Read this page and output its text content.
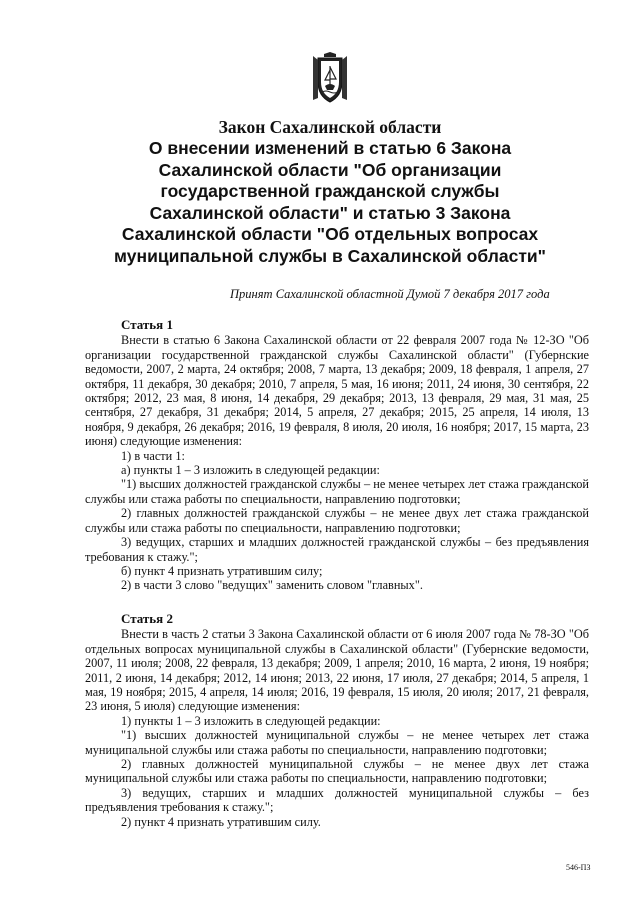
Закон Сахалинской области
О внесении изменений в статью 6 Закона
Сахалинской области "Об организации
государственной гражданской службы
Сахалинской области" и статью 3 Закона
Сахалинской области "Об отдельных вопросах
муниципальной службы в Сахалинской области"
Принят Сахалинской областной Думой 7 декабря 2017 года
Статья 1

Внести в статью 6 Закона Сахалинской области от 22 февраля 2007 года № 12-ЗО "Об организации государственной гражданской службы Сахалинской области" (Губернские ведомости, 2007, 2 марта, 24 октября; 2008, 7 марта, 13 декабря; 2009, 18 февраля, 1 апреля, 27 октября, 11 декабря, 30 декабря; 2010, 7 апреля, 5 мая, 16 июня; 2011, 24 июня, 30 сентября, 22 октября; 2012, 23 мая, 8 июня, 14 декабря, 29 декабря; 2013, 13 февраля, 29 мая, 31 мая, 25 сентября, 27 декабря, 31 декабря; 2014, 5 апреля, 27 декабря; 2015, 25 апреля, 14 июля, 13 ноября, 9 декабря, 26 декабря; 2016, 19 февраля, 8 июля, 20 июля, 16 ноября; 2017, 15 марта, 23 июня) следующие изменения:

1) в части 1:

а) пункты 1 – 3 изложить в следующей редакции:

"1) высших должностей гражданской службы – не менее четырех лет стажа гражданской службы или стажа работы по специальности, направлению подготовки;

2) главных должностей гражданской службы – не менее двух лет стажа гражданской службы или стажа работы по специальности, направлению подготовки;

3) ведущих, старших и младших должностей гражданской службы – без предъявления требования к стажу.";

б) пункт 4 признать утратившим силу;

2) в части 3 слово "ведущих" заменить словом "главных".

Статья 2

Внести в часть 2 статьи 3 Закона Сахалинской области от 6 июля 2007 года № 78-ЗО "Об отдельных вопросах муниципальной службы в Сахалинской области" (Губернские ведомости, 2007, 11 июля; 2008, 22 февраля, 13 декабря; 2009, 1 апреля; 2010, 16 марта, 2 июня, 19 ноября; 2011, 2 июня, 14 декабря; 2012, 14 июня; 2013, 22 июня, 17 июля, 27 декабря; 2014, 5 апреля, 1 мая, 19 ноября; 2015, 4 апреля, 14 июля; 2016, 19 февраля, 15 июля, 20 июля; 2017, 21 февраля, 23 июня, 5 июля) следующие изменения:

1) пункты 1 – 3 изложить в следующей редакции:

"1) высших должностей муниципальной службы – не менее четырех лет стажа муниципальной службы или стажа работы по специальности, направлению подготовки;

2) главных должностей муниципальной службы – не менее двух лет стажа муниципальной службы или стажа работы по специальности, направлению подготовки;

3) ведущих, старших и младших должностей муниципальной службы – без предъявления требования к стажу.";

2) пункт 4 признать утратившим силу.

546-ПЗ
